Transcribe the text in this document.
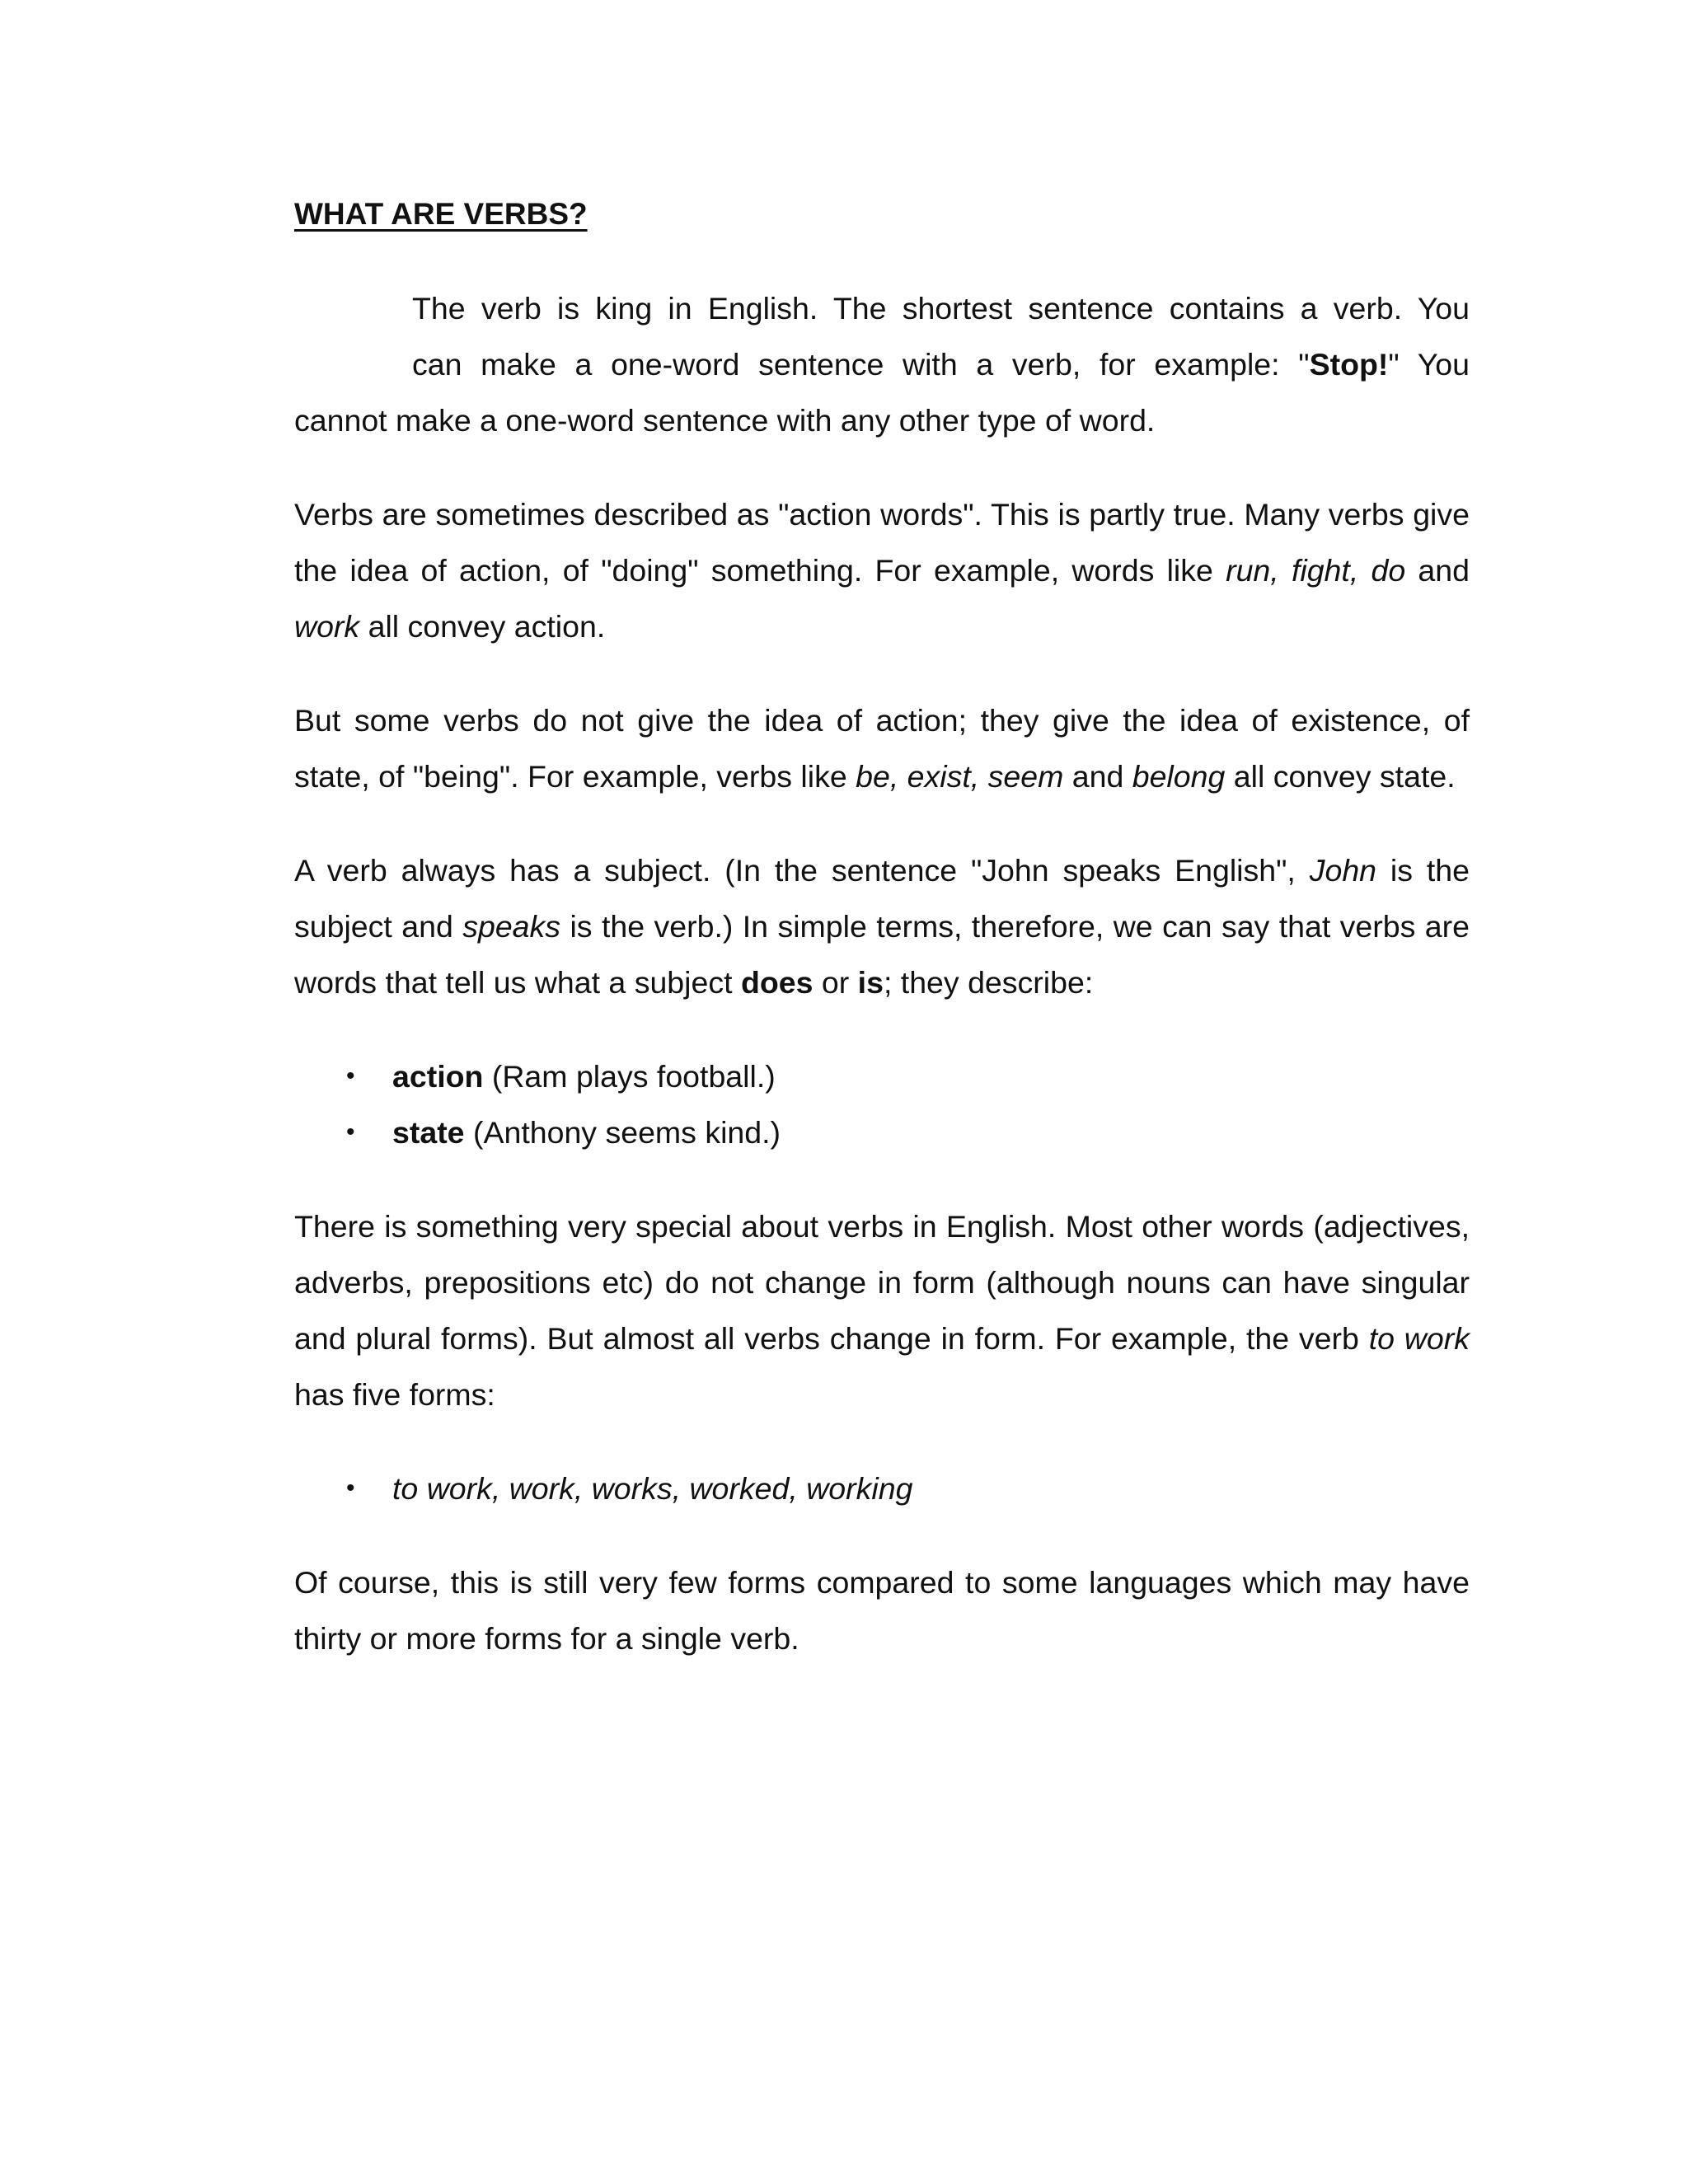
WHAT ARE VERBS?

The verb is king in English. The shortest sentence contains a verb. You

can make a one-word sentence with a verb, for example: "Stop!" You

cannot make a one-word sentence with any other type of word.

Verbs are sometimes described as "action words". This is partly true. Many verbs give the idea of action, of "doing" something. For example, words like run, fight, do and work all convey action.

But some verbs do not give the idea of action; they give the idea of existence, of state, of "being". For example, verbs like be, exist, seem and belong all convey state.

A verb always has a subject. (In the sentence "John speaks English", John is the subject and speaks is the verb.) In simple terms, therefore, we can say that verbs are words that tell us what a subject does or is; they describe:

• action (Ram plays football.)
• state (Anthony seems kind.)

There is something very special about verbs in English. Most other words (adjectives, adverbs, prepositions etc) do not change in form (although nouns can have singular and plural forms). But almost all verbs change in form. For example, the verb to work has five forms:

• to work, work, works, worked, working

Of course, this is still very few forms compared to some languages which may have thirty or more forms for a single verb.
